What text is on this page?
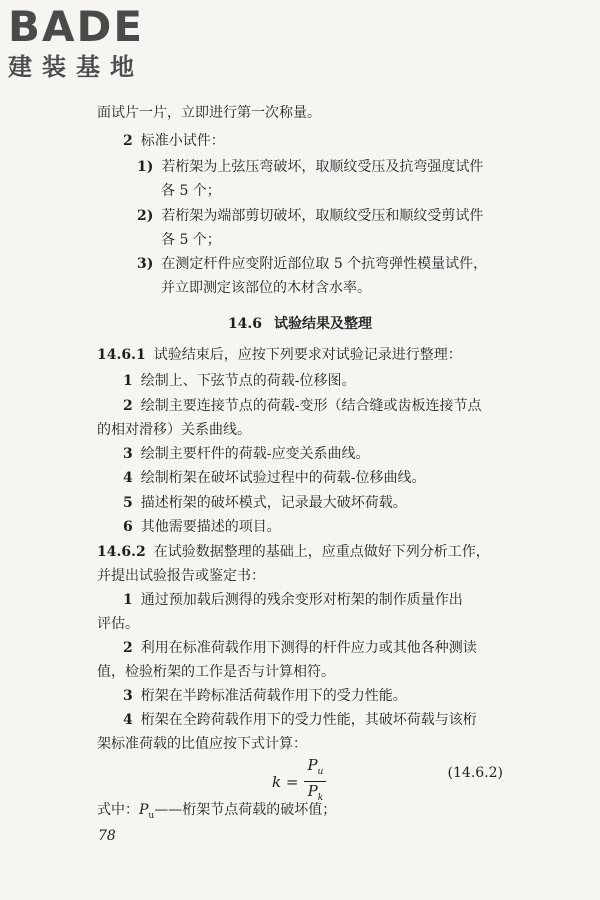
BADE
建装基地
面试片一片，立即进行第一次称量。
2 标准小试件：
1) 若桁架为上弦压弯破坏，取顺纹受压及抗弯强度试件
各 5 个；
2) 若桁架为端部剪切破坏，取顺纹受压和顺纹受剪试件
各 5 个；
3) 在测定杆件应变附近部位取 5 个抗弯弹性模量试件，
并立即测定该部位的木材含水率。
14.6 试验结果及整理
14.6.1 试验结束后，应按下列要求对试验记录进行整理：
1 绘制上、下弦节点的荷载-位移图。
2 绘制主要连接节点的荷载-变形（结合缝或齿板连接节点
的相对滑移）关系曲线。
3 绘制主要杆件的荷载-应变关系曲线。
4 绘制桁架在破坏试验过程中的荷载-位移曲线。
5 描述桁架的破坏模式，记录最大破坏荷载。
6 其他需要描述的项目。
14.6.2 在试验数据整理的基础上，应重点做好下列分析工作，
并提出试验报告或鉴定书：
1 通过预加载后测得的残余变形对桁架的制作质量作出
评估。
2 利用在标准荷载作用下测得的杆件应力或其他各种测读
值，检验桁架的工作是否与计算相符。
3 桁架在半跨标准活荷载作用下的受力性能。
4 桁架在全跨荷载作用下的受力性能，其破坏荷载与该桁
架标准荷载的比值应按下式计算：
$k = \frac{P_u}{P_k}$	(14.6.2)
式中：$P_u——$桁架节点荷载的破坏值；
78
